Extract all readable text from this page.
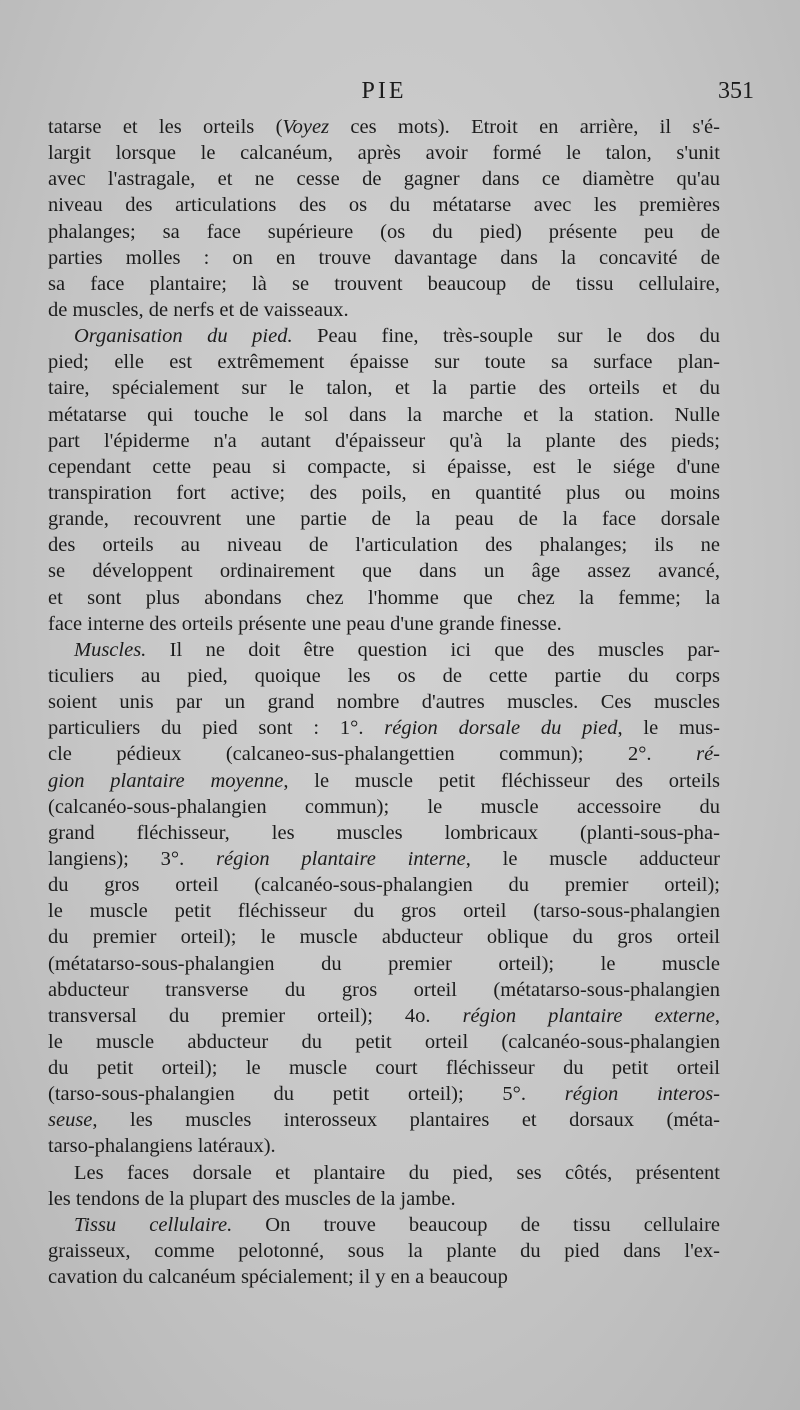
PIE	351
tatarse et les orteils (Voyez ces mots). Etroit en arrière, il s'é-
largit lorsque le calcanéum, après avoir formé le talon, s'unit
avec l'astragale, et ne cesse de gagner dans ce diamètre qu'au
niveau des articulations des os du métatarse avec les premières
phalanges; sa face supérieure (os du pied) présente peu de
parties molles : on en trouve davantage dans la concavité de
sa face plantaire; là se trouvent beaucoup de tissu cellulaire,
de muscles, de nerfs et de vaisseaux.
Organisation du pied. Peau fine, très-souple sur le dos du
pied; elle est extrêmement épaisse sur toute sa surface plan-
taire, spécialement sur le talon, et la partie des orteils et du
métatarse qui touche le sol dans la marche et la station. Nulle
part l'épiderme n'a autant d'épaisseur qu'à la plante des pieds;
cependant cette peau si compacte, si épaisse, est le siége d'une
transpiration fort active; des poils, en quantité plus ou moins
grande, recouvrent une partie de la peau de la face dorsale
des orteils au niveau de l'articulation des phalanges; ils ne
se développent ordinairement que dans un âge assez avancé,
et sont plus abondans chez l'homme que chez la femme; la
face interne des orteils présente une peau d'une grande finesse.
Muscles. Il ne doit être question ici que des muscles par-
ticuliers au pied, quoique les os de cette partie du corps
soient unis par un grand nombre d'autres muscles. Ces muscles
particuliers du pied sont : 1°. région dorsale du pied, le mus-
cle pédieux (calcaneo-sus-phalangettien commun); 2°. ré-
gion plantaire moyenne, le muscle petit fléchisseur des orteils
(calcanéo-sous-phalangien commun); le muscle accessoire du
grand fléchisseur, les muscles lombricaux (planti-sous-pha-
langiens); 3°. région plantaire interne, le muscle adducteur
du gros orteil (calcanéo-sous-phalangien du premier orteil);
le muscle petit fléchisseur du gros orteil (tarso-sous-phalangien
du premier orteil); le muscle abducteur oblique du gros orteil
(métatarso-sous-phalangien du premier orteil); le muscle
abducteur transverse du gros orteil (métatarso-sous-phalangien
transversal du premier orteil); 4o. région plantaire externe,
le muscle abducteur du petit orteil (calcanéo-sous-phalangien
du petit orteil); le muscle court fléchisseur du petit orteil
(tarso-sous-phalangien du petit orteil); 5°. région interos-
seuse, les muscles interosseux plantaires et dorsaux (méta-
tarso-phalangiens latéraux).
Les faces dorsale et plantaire du pied, ses côtés, présentent
les tendons de la plupart des muscles de la jambe.
Tissu cellulaire. On trouve beaucoup de tissu cellulaire
graisseux, comme pelotonné, sous la plante du pied dans l'ex-
cavation du calcanéum spécialement; il y en a beaucoup
